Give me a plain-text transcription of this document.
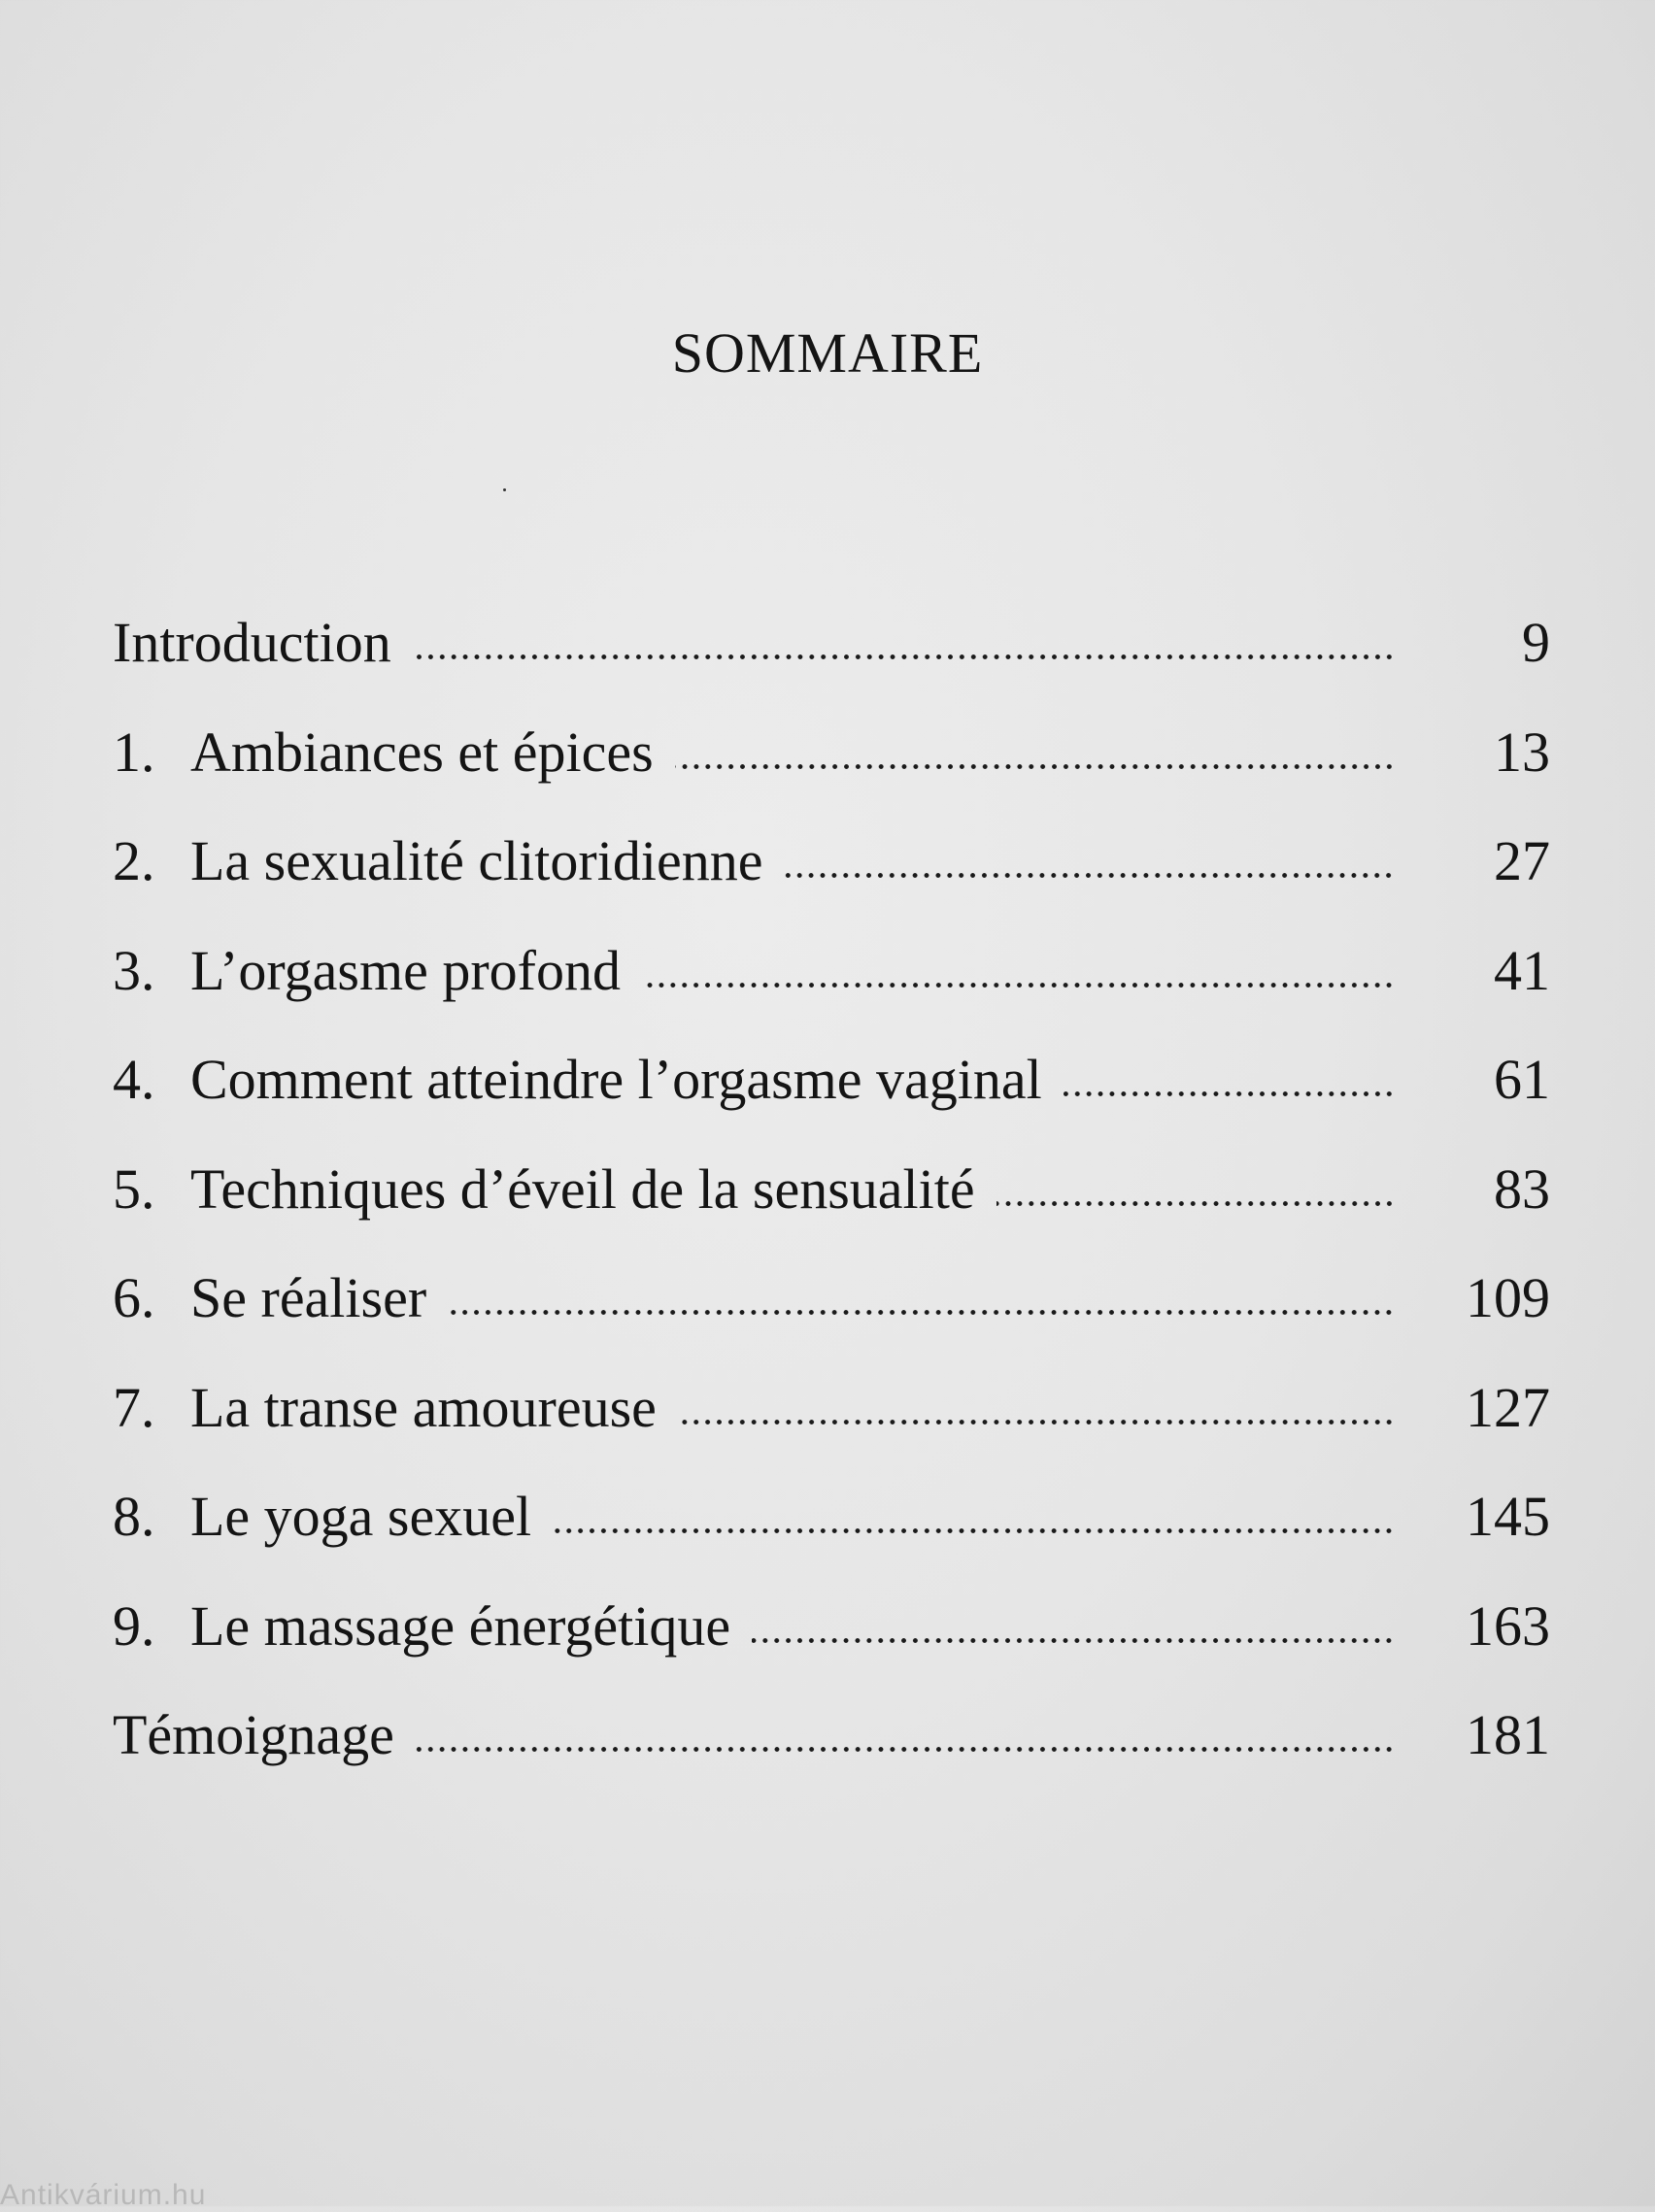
SOMMAIRE
Introduction	9
1. Ambiances et épices	13
2. La sexualité clitoridienne	27
3. L’orgasme profond	41
4. Comment atteindre l’orgasme vaginal	61
5. Techniques d’éveil de la sensualité	83
6. Se réaliser	109
7. La transe amoureuse	127
8. Le yoga sexuel	145
9. Le massage énergétique	163
Témoignage	181
Antikvárium.hu
